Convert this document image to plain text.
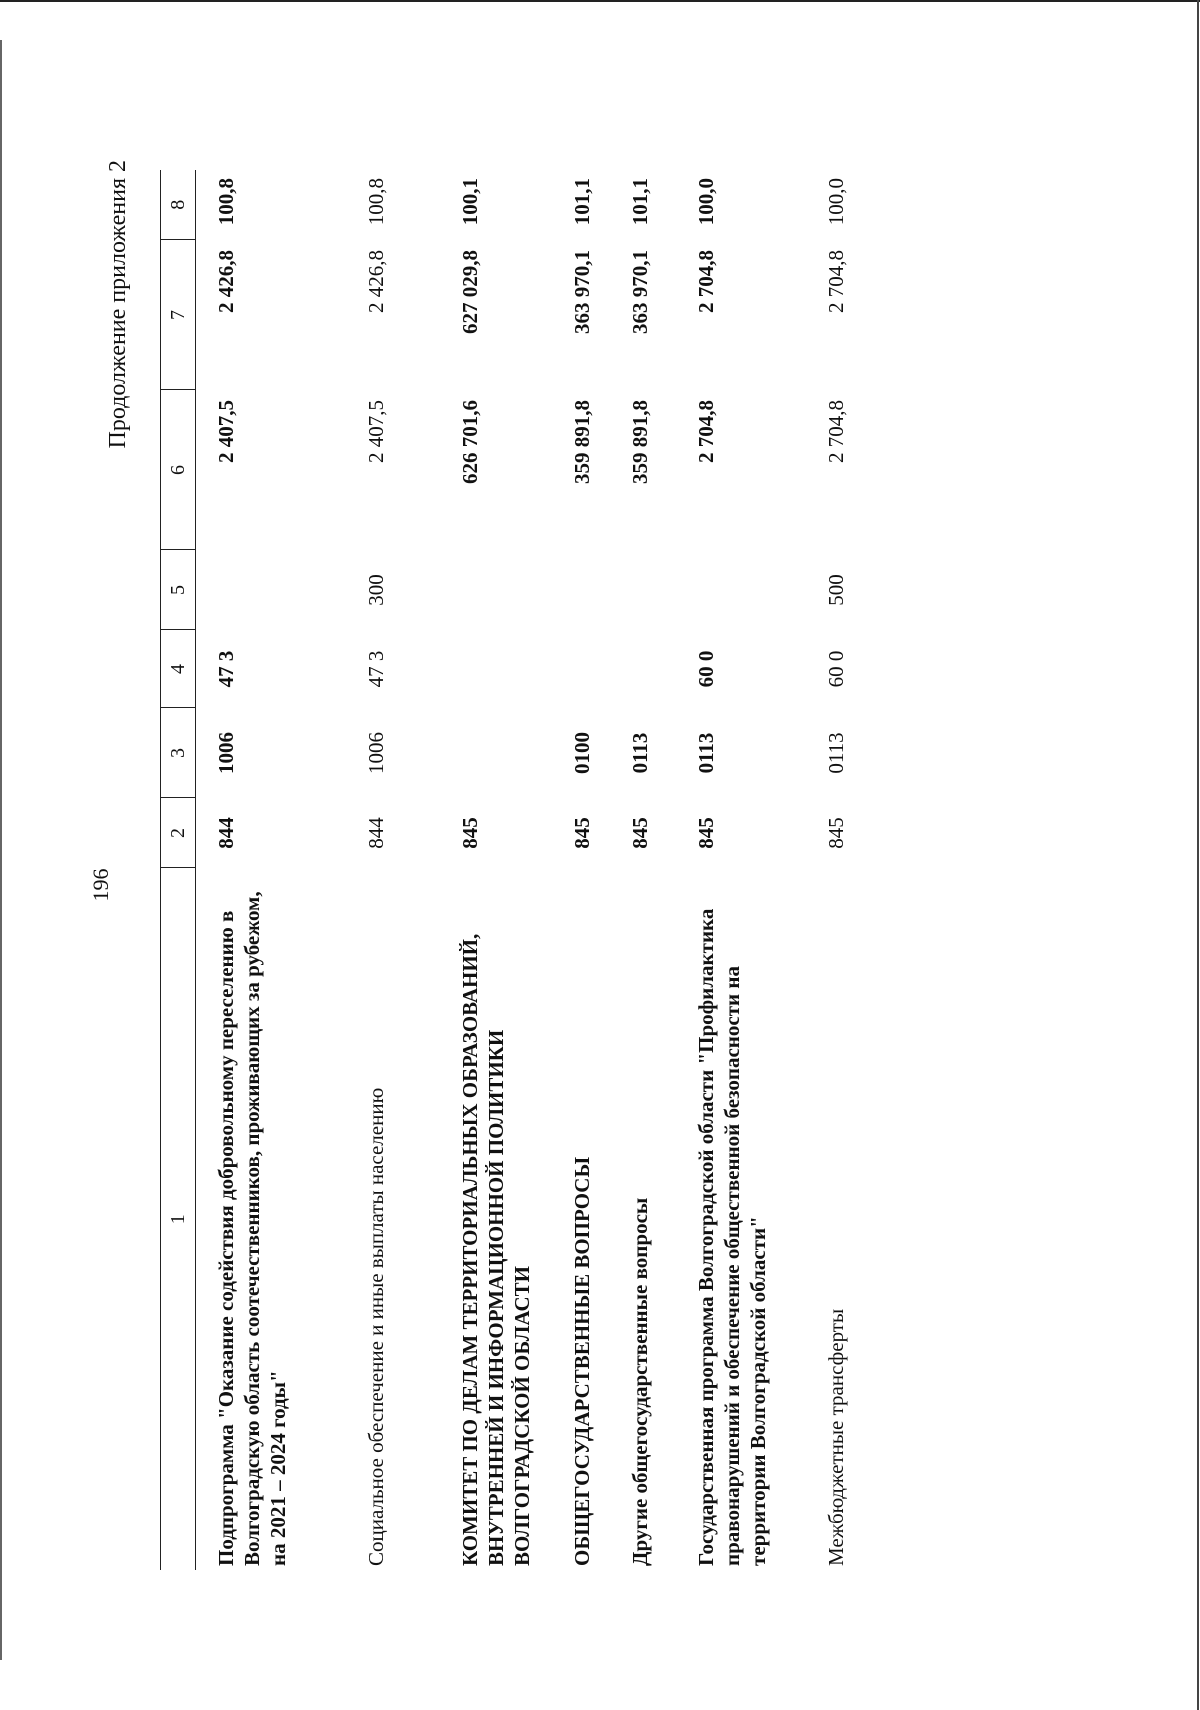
196
Продолжение приложения 2
1	2	3	4	5	6	7	8
Подпрограмма "Оказание содействия добровольному переселению в Волгоградскую область соотечественников, проживающих за рубежом, на 2021 – 2024 годы"	844	1006	47 3		2 407,5	2 426,8	100,8
Социальное обеспечение и иные выплаты населению	844	1006	47 3	300	2 407,5	2 426,8	100,8
КОМИТЕТ ПО ДЕЛАМ ТЕРРИТОРИАЛЬНЫХ ОБРАЗОВАНИЙ, ВНУТРЕННЕЙ И ИНФОРМАЦИОННОЙ ПОЛИТИКИ ВОЛГОГРАДСКОЙ ОБЛАСТИ	845				626 701,6	627 029,8	100,1
ОБЩЕГОСУДАРСТВЕННЫЕ ВОПРОСЫ	845	0100			359 891,8	363 970,1	101,1
Другие общегосударственные вопросы	845	0113			359 891,8	363 970,1	101,1
Государственная программа Волгоградской области "Профилактика правонарушений и обеспечение общественной безопасности на территории Волгоградской области"	845	0113	60 0		2 704,8	2 704,8	100,0
Межбюджетные трансферты	845	0113	60 0	500	2 704,8	2 704,8	100,0
